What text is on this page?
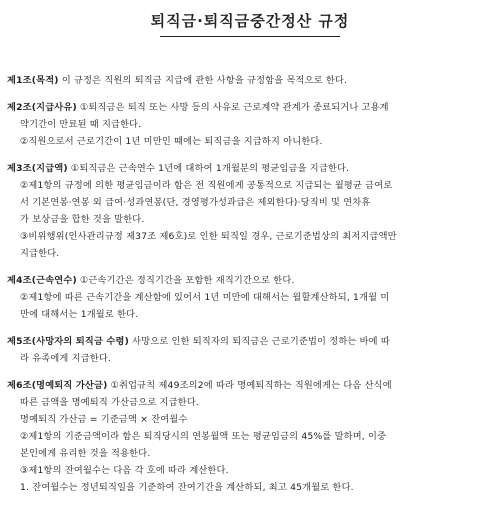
퇴직금·퇴직금중간정산 규정
제1조(목적) 이 규정은 직원의 퇴직금 지급에 관한 사항을 규정함을 목적으로 한다.
제2조(지급사유) ①퇴직금은 퇴직 또는 사망 등의 사유로 근로계약 관계가 종료되거나 고용계
약기간이 만료된 때 지급한다.
②직원으로서 근로기간이 1년 미만인 때에는 퇴직금을 지급하지 아니한다.
제3조(지급액) ①퇴직금은 근속연수 1년에 대하여 1개월분의 평균임금을 지급한다.
②제1항의 규정에 의한 평균임금이라 함은 전 직원에게 공통적으로 지급되는 월평균 금여로
서 기본연봉·연봉 외 급여·성과연봉(단, 경영평가성과급은 제외한다)·당직비 및 연차휴
가 보상금을 합한 것을 말한다.
③비위행위(인사관리규정 제37조 제6호)로 인한 퇴직일 경우, 근로기준법상의 최저지급액만
지급한다.
제4조(근속연수) ①근속기간은 정직기간을 포함한 재직기간으로 한다.
②제1항에 따른 근속기간을 계산함에 있어서 1년 미만에 대해서는 월할계산하되, 1개월 미
만에 대해서는 1개월로 한다.
제5조(사망자의 퇴직금 수령) 사망으로 인한 퇴직자의 퇴직금은 근로기준법이 정하는 바에 따
라 유족에게 지급한다.
제6조(명예퇴직 가산금) ①취업규칙 제49조의2에 따라 명예퇴직하는 직원에게는 다음 산식에
따른 금액을 명예퇴직 가산금으로 지급한다.
명예퇴직 가산금 = 기준금액 × 잔여월수
②제1항의 기준금액이라 함은 퇴직당시의 연봉월액 또는 평균임금의 45%를 말하며, 이중
본인에게 유리한 것을 적용한다.
③제1항의 잔여월수는 다음 각 호에 따라 계산한다.
1. 잔여월수는 정년퇴직일을 기준하여 잔여기간을 계산하되, 최고 45개월로 한다.
